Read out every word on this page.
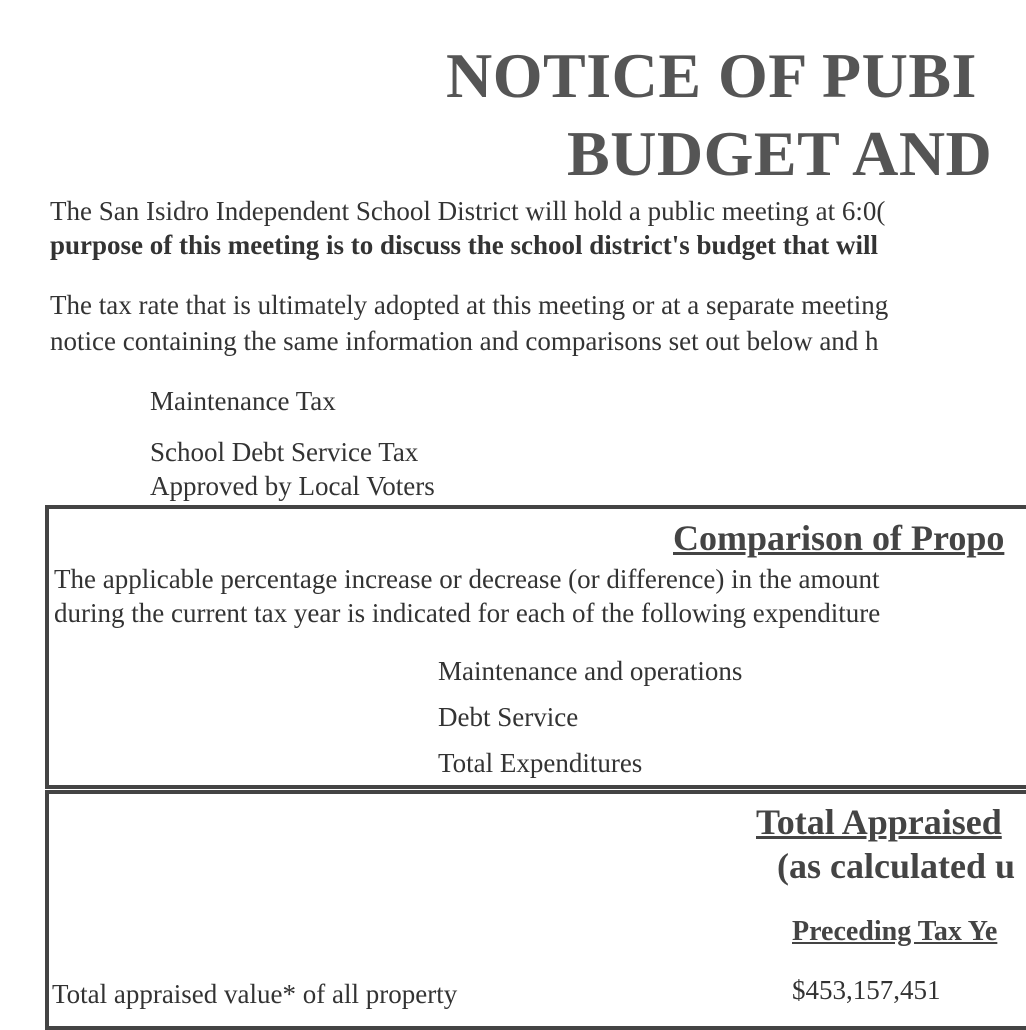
NOTICE OF PUBI
BUDGET AND
The San Isidro Independent School District will hold a public meeting at 6:0(
purpose of this meeting is to discuss the school district's budget that will
The tax rate that is ultimately adopted at this meeting or at a separate meeting
notice containing the same information and comparisons set out below and h
Maintenance Tax
School Debt Service Tax
Approved by Local Voters
Comparison of Propo
The applicable percentage increase or decrease (or difference) in the amount
during the current tax year is indicated for each of the following expenditure
Maintenance and operations
Debt Service
Total Expenditures
Total Appraised
(as calculated u
Preceding Tax Ye
Total appraised value* of all property	$453,157,451
